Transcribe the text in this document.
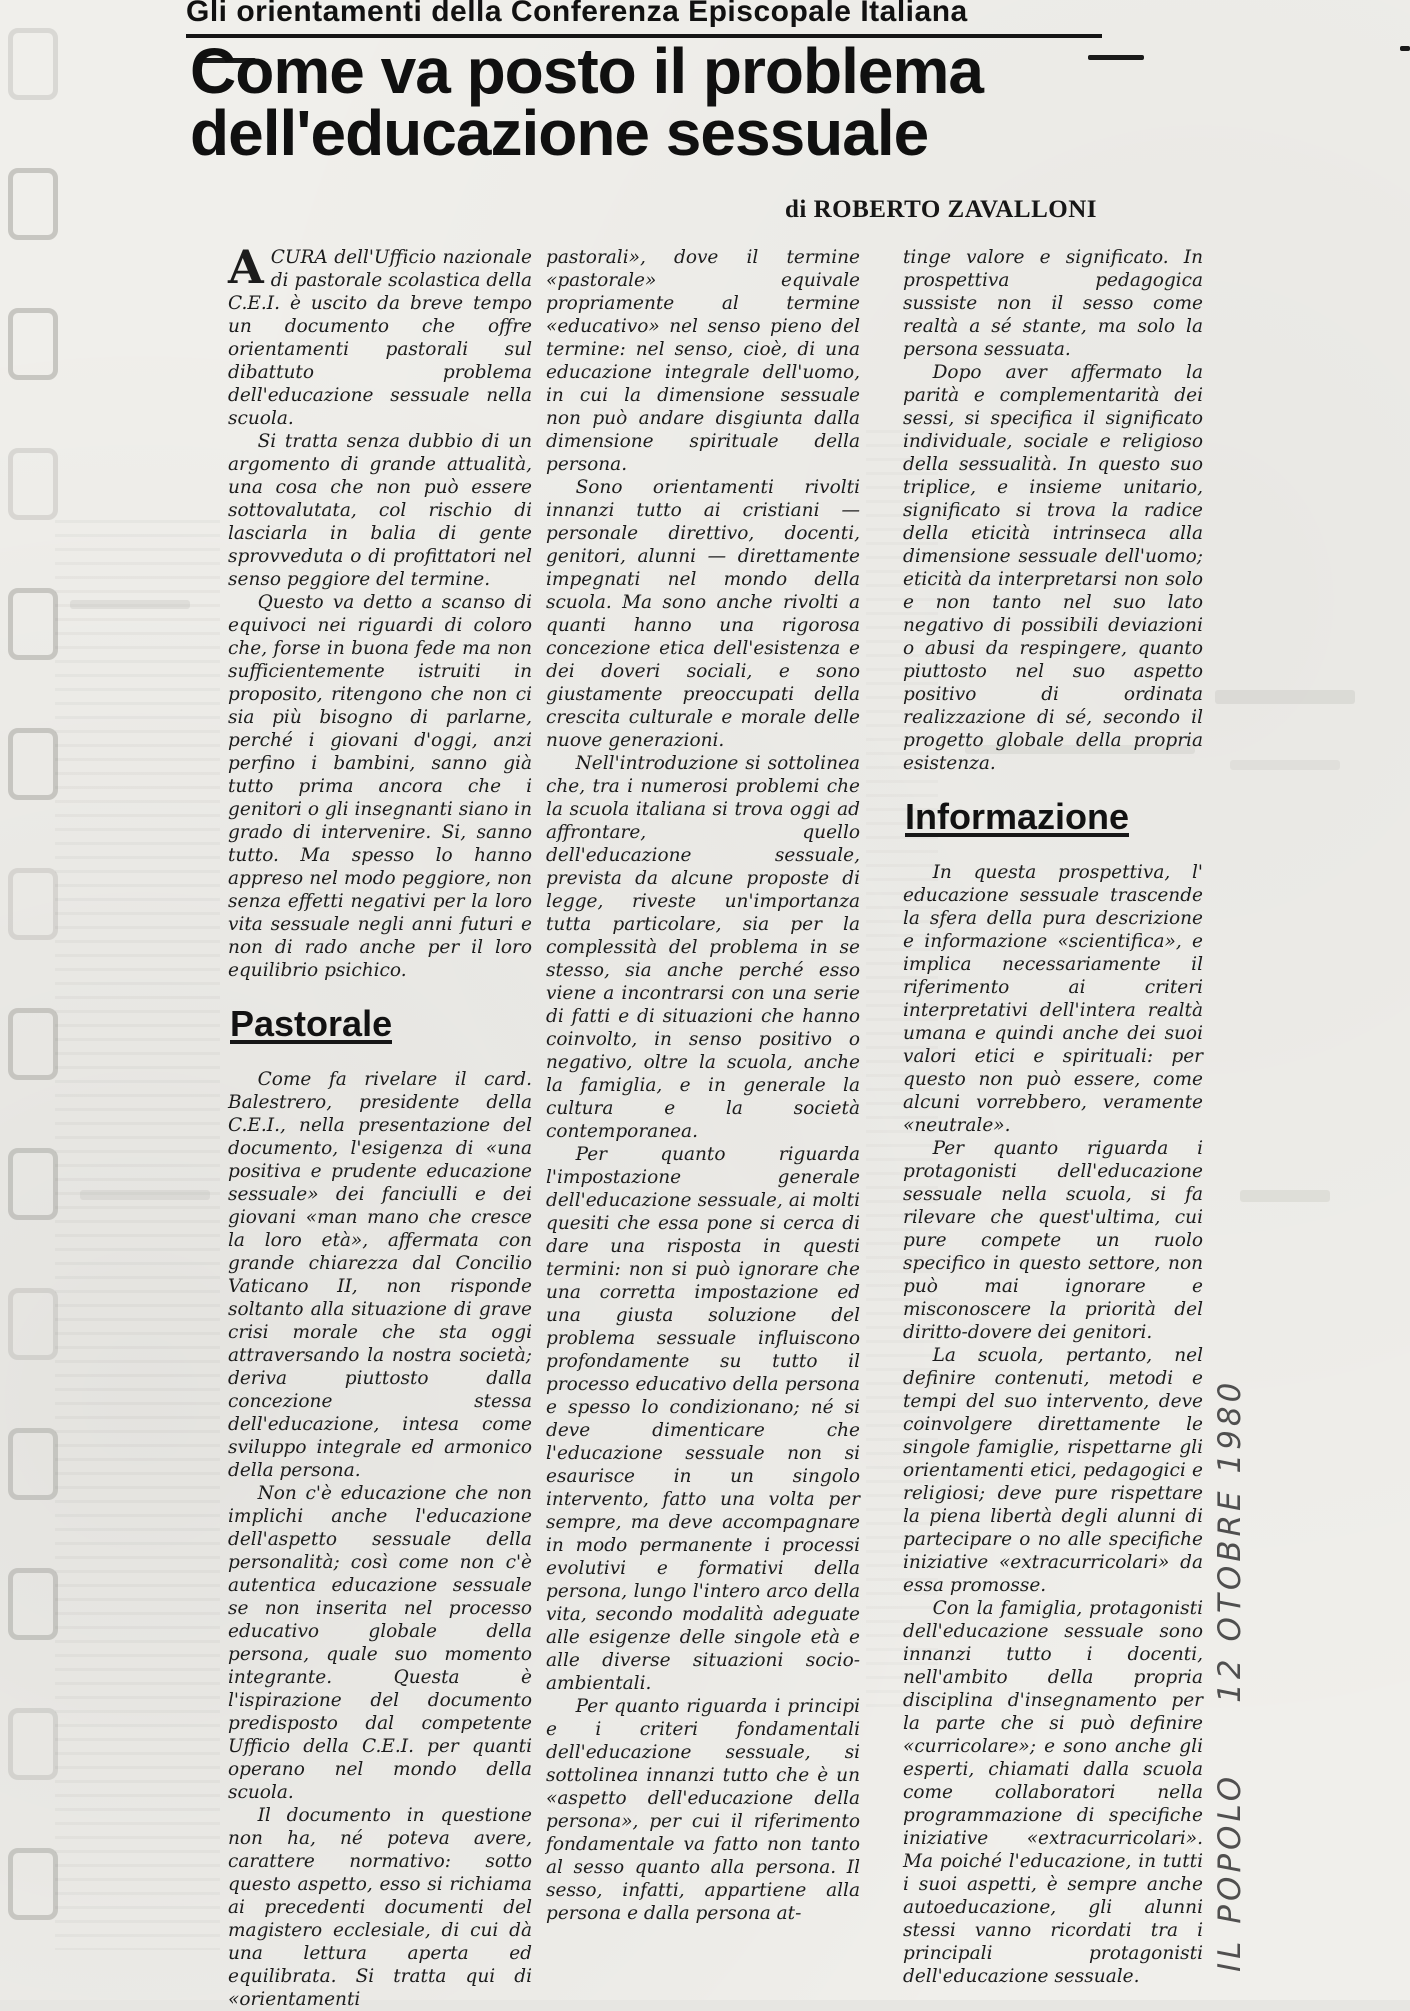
Gli orientamenti della Conferenza Episcopale Italiana
Come va posto il problema
dell'educazione sessuale
di ROBERTO ZAVALLONI

ACURA dell'Ufficio nazionale di pastorale scolastica della C.E.I. è uscito da breve tempo un documento che offre orientamenti pastorali sul dibattuto problema dell'educazione sessuale nella scuola.

Si tratta senza dubbio di un argomento di grande attualità, una cosa che non può essere sottovalutata, col rischio di lasciarla in balia di gente sprovveduta o di profittatori nel senso peggiore del termine.

Questo va detto a scanso di equivoci nei riguardi di coloro che, forse in buona fede ma non sufficientemente istruiti in proposito, ritengono che non ci sia più bisogno di parlarne, perché i giovani d'oggi, anzi perfino i bambini, sanno già tutto prima ancora che i genitori o gli insegnanti siano in grado di intervenire. Si, sanno tutto. Ma spesso lo hanno appreso nel modo peggiore, non senza effetti negativi per la loro vita sessuale negli anni futuri e non di rado anche per il loro equilibrio psichico.

Pastorale

Come fa rivelare il card. Balestrero, presidente della C.E.I., nella presentazione del documento, l'esigenza di «una positiva e prudente educazione sessuale» dei fanciulli e dei giovani «man mano che cresce la loro età», affermata con grande chiarezza dal Concilio Vaticano II, non risponde soltanto alla situazione di grave crisi morale che sta oggi attraversando la nostra società; deriva piuttosto dalla concezione stessa dell'educazione, intesa come sviluppo integrale ed armonico della persona.

Non c'è educazione che non implichi anche l'educazione dell'aspetto sessuale della personalità; così come non c'è autentica educazione sessuale se non inserita nel processo educativo globale della persona, quale suo momento integrante. Questa è l'ispirazione del documento predisposto dal competente Ufficio della C.E.I. per quanti operano nel mondo della scuola.

Il documento in questione non ha, né poteva avere, carattere normativo: sotto questo aspetto, esso si richiama ai precedenti documenti del magistero ecclesiale, di cui dà una lettura aperta ed equilibrata. Si tratta qui di «orientamenti

pastorali», dove il termine «pastorale» equivale propriamente al termine «educativo» nel senso pieno del termine: nel senso, cioè, di una educazione integrale dell'uomo, in cui la dimensione sessuale non può andare disgiunta dalla dimensione spirituale della persona.

Sono orientamenti rivolti innanzi tutto ai cristiani — personale direttivo, docenti, genitori, alunni — direttamente impegnati nel mondo della scuola. Ma sono anche rivolti a quanti hanno una rigorosa concezione etica dell'esistenza e dei doveri sociali, e sono giustamente preoccupati della crescita culturale e morale delle nuove generazioni.

Nell'introduzione si sottolinea che, tra i numerosi problemi che la scuola italiana si trova oggi ad affrontare, quello dell'educazione sessuale, prevista da alcune proposte di legge, riveste un'importanza tutta particolare, sia per la complessità del problema in se stesso, sia anche perché esso viene a incontrarsi con una serie di fatti e di situazioni che hanno coinvolto, in senso positivo o negativo, oltre la scuola, anche la famiglia, e in generale la cultura e la società contemporanea.

Per quanto riguarda l'impostazione generale dell'educazione sessuale, ai molti quesiti che essa pone si cerca di dare una risposta in questi termini: non si può ignorare che una corretta impostazione ed una giusta soluzione del problema sessuale influiscono profondamente su tutto il processo educativo della persona e spesso lo condizionano; né si deve dimenticare che l'educazione sessuale non si esaurisce in un singolo intervento, fatto una volta per sempre, ma deve accompagnare in modo permanente i processi evolutivi e formativi della persona, lungo l'intero arco della vita, secondo modalità adeguate alle esigenze delle singole età e alle diverse situazioni socio-ambientali.

Per quanto riguarda i principi e i criteri fondamentali dell'educazione sessuale, si sottolinea innanzi tutto che è un «aspetto dell'educazione della persona», per cui il riferimento fondamentale va fatto non tanto al sesso quanto alla persona. Il sesso, infatti, appartiene alla persona e dalla persona at-

tinge valore e significato. In prospettiva pedagogica sussiste non il sesso come realtà a sé stante, ma solo la persona sessuata.

Dopo aver affermato la parità e complementarità dei sessi, si specifica il significato individuale, sociale e religioso della sessualità. In questo suo triplice, e insieme unitario, significato si trova la radice della eticità intrinseca alla dimensione sessuale dell'uomo; eticità da interpretarsi non solo e non tanto nel suo lato negativo di possibili deviazioni o abusi da respingere, quanto piuttosto nel suo aspetto positivo di ordinata realizzazione di sé, secondo il progetto globale della propria esistenza.

Informazione

In questa prospettiva, l' educazione sessuale trascende la sfera della pura descrizione e informazione «scientifica», e implica necessariamente il riferimento ai criteri interpretativi dell'intera realtà umana e quindi anche dei suoi valori etici e spirituali: per questo non può essere, come alcuni vorrebbero, veramente «neutrale».

Per quanto riguarda i protagonisti dell'educazione sessuale nella scuola, si fa rilevare che quest'ultima, cui pure compete un ruolo specifico in questo settore, non può mai ignorare e misconoscere la priorità del diritto-dovere dei genitori.

La scuola, pertanto, nel definire contenuti, metodi e tempi del suo intervento, deve coinvolgere direttamente le singole famiglie, rispettarne gli orientamenti etici, pedagogici e religiosi; deve pure rispettare la piena libertà degli alunni di partecipare o no alle specifiche iniziative «extracurricolari» da essa promosse.

Con la famiglia, protagonisti dell'educazione sessuale sono innanzi tutto i docenti, nell'ambito della propria disciplina d'insegnamento per la parte che si può definire «curricolare»; e sono anche gli esperti, chiamati dalla scuola come collaboratori nella programmazione di specifiche iniziative «extracurricolari». Ma poiché l'educazione, in tutti i suoi aspetti, è sempre anche autoeducazione, gli alunni stessi vanno ricordati tra i principali protagonisti dell'educazione sessuale.

IL POPOLO12 OTOBRE 1980
